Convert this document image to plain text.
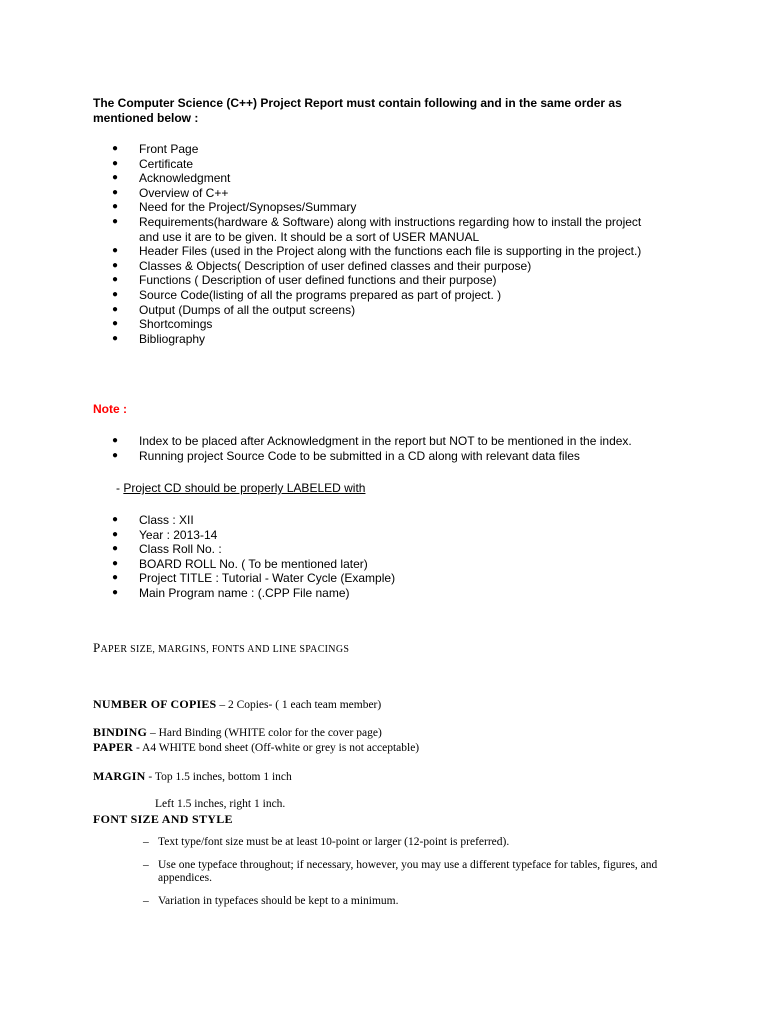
The Computer Science (C++) Project Report must contain following and in the same order as
mentioned below :
● Front Page
● Certificate
● Acknowledgment
● Overview of C++
● Need for the Project/Synopses/Summary
● Requirements(hardware & Software) along with instructions regarding how to install the project and use it are to be given. It should be a sort of USER MANUAL
● Header Files (used in the Project along with the functions each file is supporting in the project.)
● Classes & Objects( Description of user defined classes and their purpose)
● Functions ( Description of user defined functions and their purpose)
● Source Code(listing of all the programs prepared as part of project. )
● Output (Dumps of all the output screens)
● Shortcomings
● Bibliography
Note :
● Index to be placed after Acknowledgment in the report but NOT to be mentioned in the index.
● Running project Source Code to be submitted in a CD along with relevant data files
- Project CD should be properly LABELED with
● Class : XII
● Year : 2013-14
● Class Roll No. :
● BOARD ROLL No. ( To be mentioned later)
● Project TITLE : Tutorial - Water Cycle (Example)
● Main Program name : (.CPP File name)
PAPER SIZE, MARGINS, FONTS AND LINE SPACINGS
NUMBER OF COPIES – 2 Copies- ( 1 each team member)
BINDING – Hard Binding (WHITE color for the cover page)
PAPER - A4 WHITE bond sheet (Off-white or grey is not acceptable)
MARGIN - Top 1.5 inches, bottom 1 inch
Left 1.5 inches, right 1 inch.
FONT SIZE AND STYLE
– Text type/font size must be at least 10-point or larger (12-point is preferred).
– Use one typeface throughout; if necessary, however, you may use a different typeface for tables, figures, and appendices.
– Variation in typefaces should be kept to a minimum.
